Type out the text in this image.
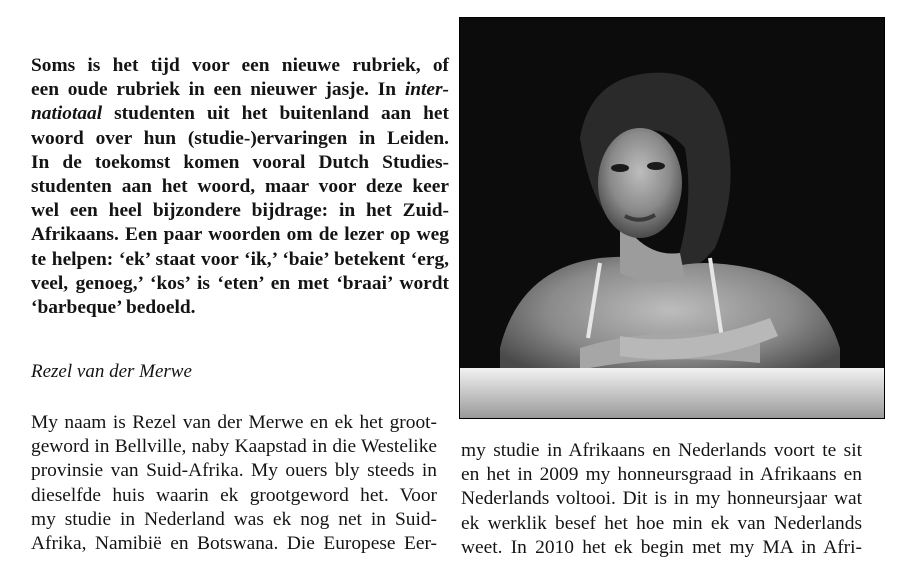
Soms is het tijd voor een nieuwe rubriek, of
een oude rubriek in een nieuwer jasje. In inter-
natiotaal studenten uit het buitenland aan het
woord over hun (studie-)ervaringen in Leiden.
In de toekomst komen vooral Dutch Studies-
studenten aan het woord, maar voor deze keer
wel een heel bijzondere bijdrage: in het Zuid-
Afrikaans. Een paar woorden om de lezer op weg
te helpen: ‘ek’ staat voor ‘ik,’ ‘baie’ betekent ‘erg,
veel, genoeg,’ ‘kos’ is ‘eten’ en met ‘braai’ wordt
‘barbeque’ bedoeld.
Rezel van der Merwe
My naam is Rezel van der Merwe en ek het groot-
geword in Bellville, naby Kaapstad in die Westelike
provinsie van Suid-Afrika. My ouers bly steeds in
dieselfde huis waarin ek grootgeword het. Voor
my studie in Nederland was ek nog net in Suid-
Afrika, Namibië en Botswana. Die Europese Eer-
my studie in Afrikaans en Nederlands voort te sit
en het in 2009 my honneursgraad in Afrikaans en
Nederlands voltooi. Dit is in my honneursjaar wat
ek werklik besef het hoe min ek van Nederlands
weet. In 2010 het ek begin met my MA in Afri-
